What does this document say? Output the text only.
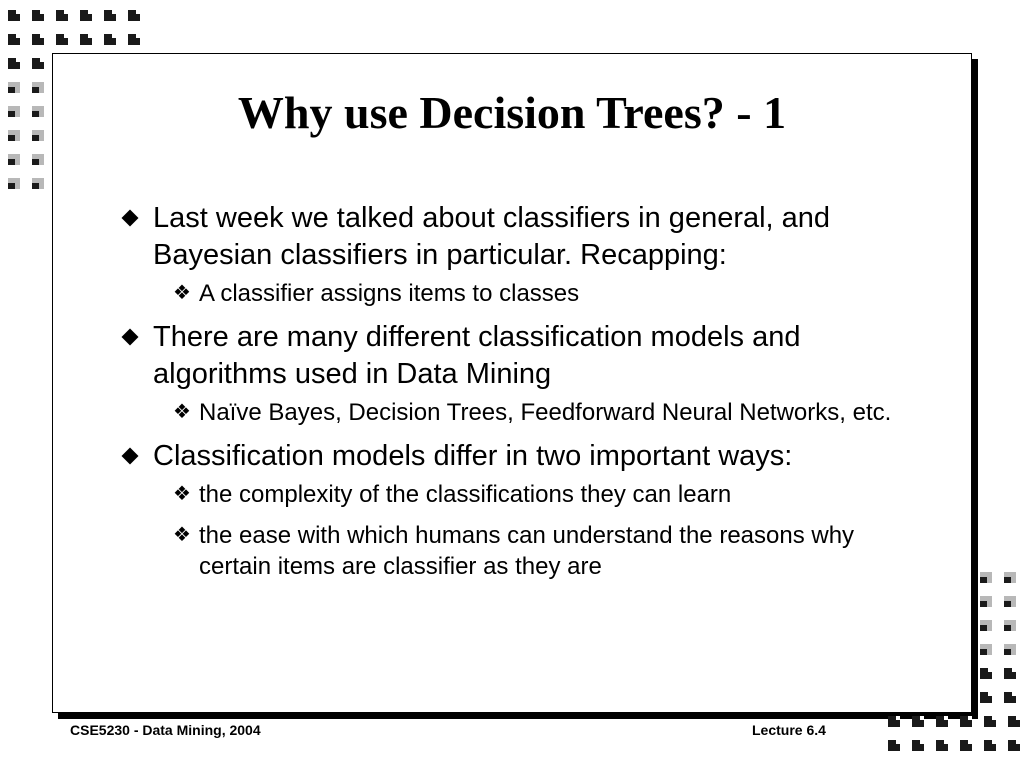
Why use Decision Trees? - 1
Last week we talked about classifiers in general, and Bayesian classifiers in particular. Recapping:
❖ A classifier assigns items to classes
There are many different classification models and algorithms used in Data Mining
❖ Naïve Bayes, Decision Trees, Feedforward Neural Networks, etc.
Classification models differ in two important ways:
❖ the complexity of the classifications they can learn
❖ the ease with which humans can understand the reasons why certain items are classifier as they are
CSE5230 - Data Mining, 2004	Lecture 6.4
